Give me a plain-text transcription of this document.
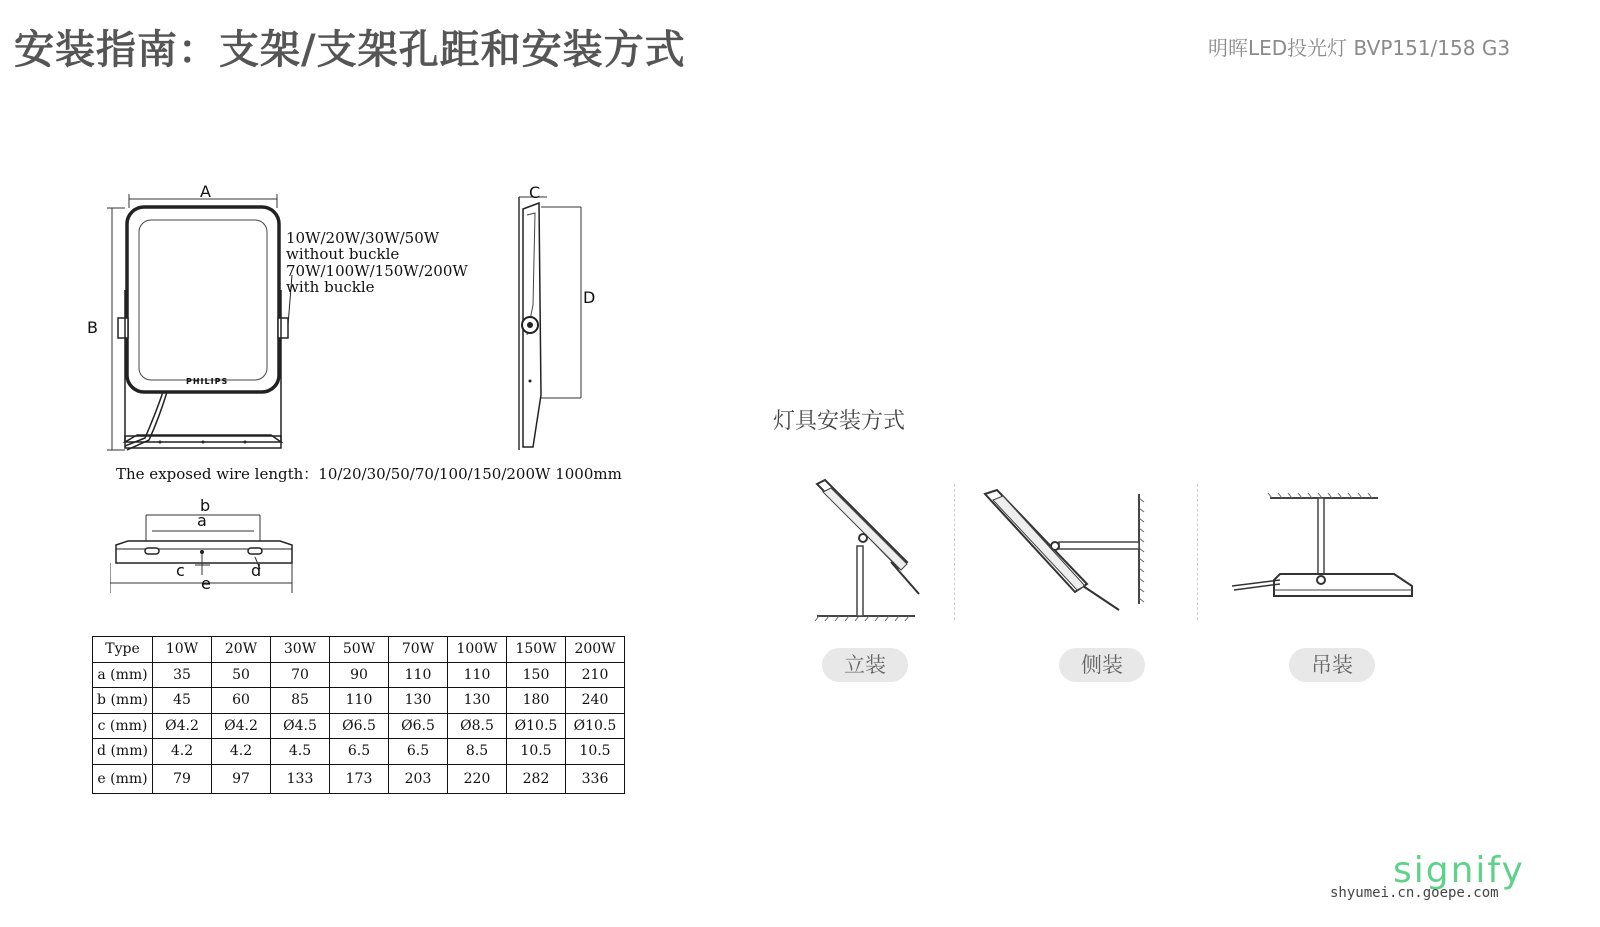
安装指南：支架/支架孔距和安装方式	明晖LED投光灯 BVP151/158 G3
A
B
PHILIPS
10W/20W/30W/50W
without buckle
70W/100W/150W/200W
with buckle
C
D
The exposed wire length：10/20/30/50/70/100/150/200W 1000mm
b
a
c	d
e
Type	10W	20W	30W	50W	70W	100W	150W	200W
a (mm)	35	50	70	90	110	110	150	210
b (mm)	45	60	85	110	130	130	180	240
c (mm)	Ø4.2	Ø4.2	Ø4.5	Ø6.5	Ø6.5	Ø8.5	Ø10.5	Ø10.5
d (mm)	4.2	4.2	4.5	6.5	6.5	8.5	10.5	10.5
e (mm)	79	97	133	173	203	220	282	336
灯具安装方式
立装	侧装	吊装
signify
shyumei.cn.goepe.com
